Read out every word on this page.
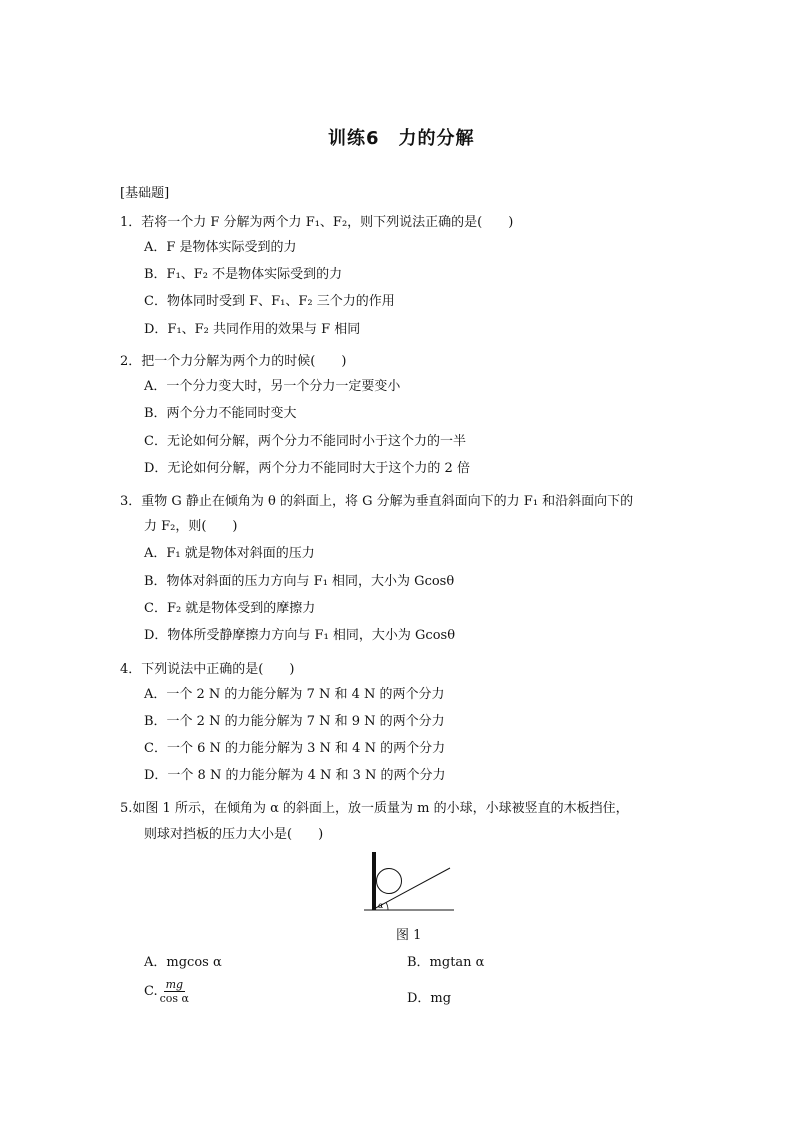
训练6　力的分解
[基础题]
1．若将一个力 F 分解为两个力 F₁、F₂，则下列说法正确的是(　　)
A．F 是物体实际受到的力
B．F₁、F₂ 不是物体实际受到的力
C．物体同时受到 F、F₁、F₂ 三个力的作用
D．F₁、F₂ 共同作用的效果与 F 相同
2．把一个力分解为两个力的时候(　　)
A．一个分力变大时，另一个分力一定要变小
B．两个分力不能同时变大
C．无论如何分解，两个分力不能同时小于这个力的一半
D．无论如何分解，两个分力不能同时大于这个力的 2 倍
3．重物 G 静止在倾角为 θ 的斜面上，将 G 分解为垂直斜面向下的力 F₁ 和沿斜面向下的
力 F₂，则(　　)
A．F₁ 就是物体对斜面的压力
B．物体对斜面的压力方向与 F₁ 相同，大小为 Gcosθ
C．F₂ 就是物体受到的摩擦力
D．物体所受静摩擦力方向与 F₁ 相同，大小为 Gcosθ
4．下列说法中正确的是(　　)
A．一个 2 N 的力能分解为 7 N 和 4 N 的两个分力
B．一个 2 N 的力能分解为 7 N 和 9 N 的两个分力
C．一个 6 N 的力能分解为 3 N 和 4 N 的两个分力
D．一个 8 N 的力能分解为 4 N 和 3 N 的两个分力
5.如图 1 所示，在倾角为 α 的斜面上，放一质量为 m 的小球，小球被竖直的木板挡住，
则球对挡板的压力大小是(　　)
α
图 1
A．mgcos α	B．mgtan α
C. $\frac{mg}{\text{cos α}}$	D．mg
